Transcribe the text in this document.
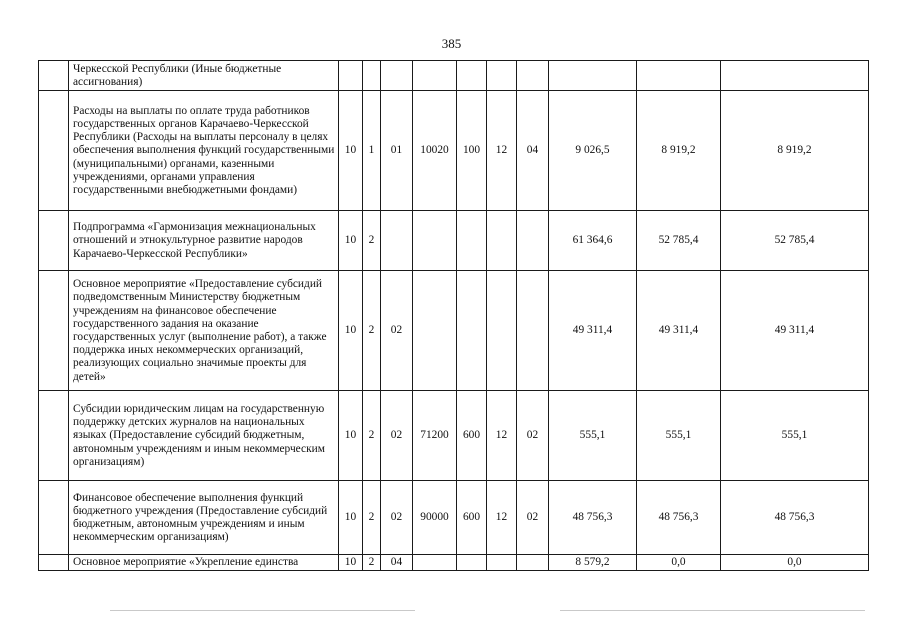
385
	Черкесской Республики (Иные бюджетные ассигнования)										
	Расходы на выплаты по оплате труда работников государственных органов Карачаево-Черкесской Республики (Расходы на выплаты персоналу в целях обеспечения выполнения функций государственными (муниципальными) органами, казенными учреждениями, органами управления государственными внебюджетными фондами)	10	1	01	10020	100	12	04	9 026,5	8 919,2	8 919,2
	Подпрограмма «Гармонизация межнациональных отношений и этнокультурное развитие народов Карачаево-Черкесской Республики»	10	2						61 364,6	52 785,4	52 785,4
	Основное мероприятие «Предоставление субсидий подведомственным Министерству бюджетным учреждениям на финансовое обеспечение государственного задания на оказание государственных услуг (выполнение работ), а также поддержка иных некоммерческих организаций, реализующих социально значимые проекты для детей»	10	2	02					49 311,4	49 311,4	49 311,4
	Субсидии юридическим лицам на государственную поддержку детских журналов на национальных языках (Предоставление субсидий бюджетным, автономным учреждениям и иным некоммерческим организациям)	10	2	02	71200	600	12	02	555,1	555,1	555,1
	Финансовое обеспечение выполнения функций бюджетного учреждения (Предоставление субсидий бюджетным, автономным учреждениям и иным некоммерческим организациям)	10	2	02	90000	600	12	02	48 756,3	48 756,3	48 756,3
	Основное мероприятие «Укрепление единства	10	2	04					8 579,2	0,0	0,0
